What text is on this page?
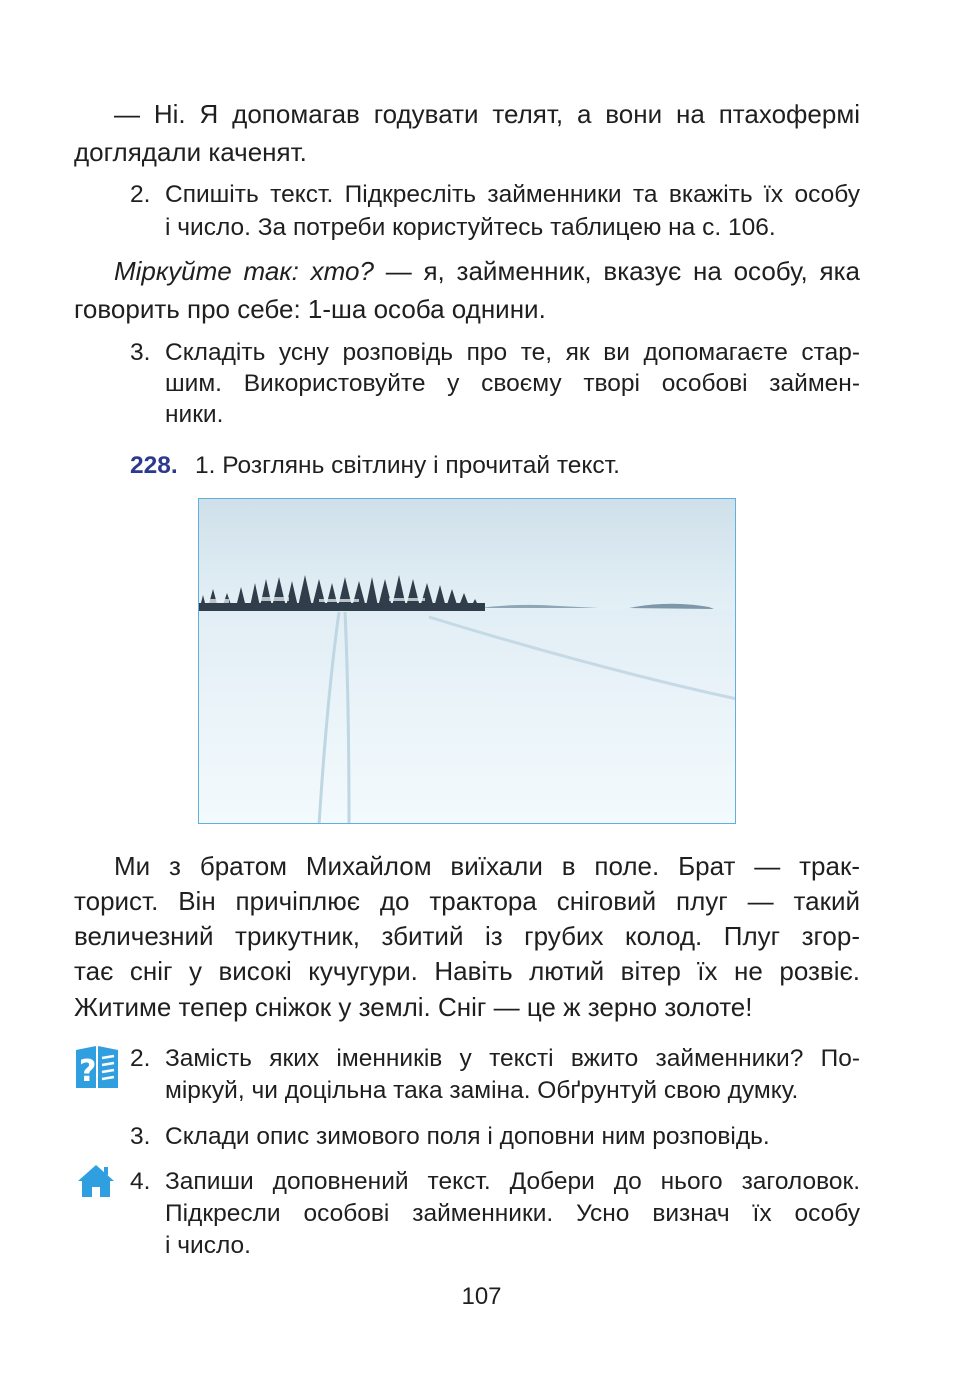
— Ні. Я допомагав годувати телят, а вони на птахофермі

доглядали каченят.

2. Спишіть текст. Підкресліть займенники та вкажіть їх особу

і число. За потреби користуйтесь таблицею на с. 106.

Міркуйте так: хто? — я, займенник, вказує на особу, яка

говорить про себе: 1-ша особа однини.

3. Складіть усну розповідь про те, як ви допомагаєте стар-

шим. Використовуйте у своєму творі особові займен-

ники.

228. 1. Розглянь світлину і прочитай текст.

Ми з братом Михайлом виїхали в поле. Брат — трак-

торист. Він причіплює до трактора сніговий плуг — такий

величезний трикутник, збитий із грубих колод. Плуг згор-

тає сніг у високі кучугури. Навіть лютий вітер їх не розвіє.

Житиме тепер сніжок у землі. Сніг — це ж зерно золоте!

? 2. Замість яких іменників у тексті вжито займенники? По-

міркуй, чи доцільна така заміна. Обґрунтуй свою думку.

3. Склади опис зимового поля і доповни ним розповідь.

4. Запиши доповнений текст. Добери до нього заголовок.

Підкресли особові займенники. Усно визнач їх особу

і число.

107
